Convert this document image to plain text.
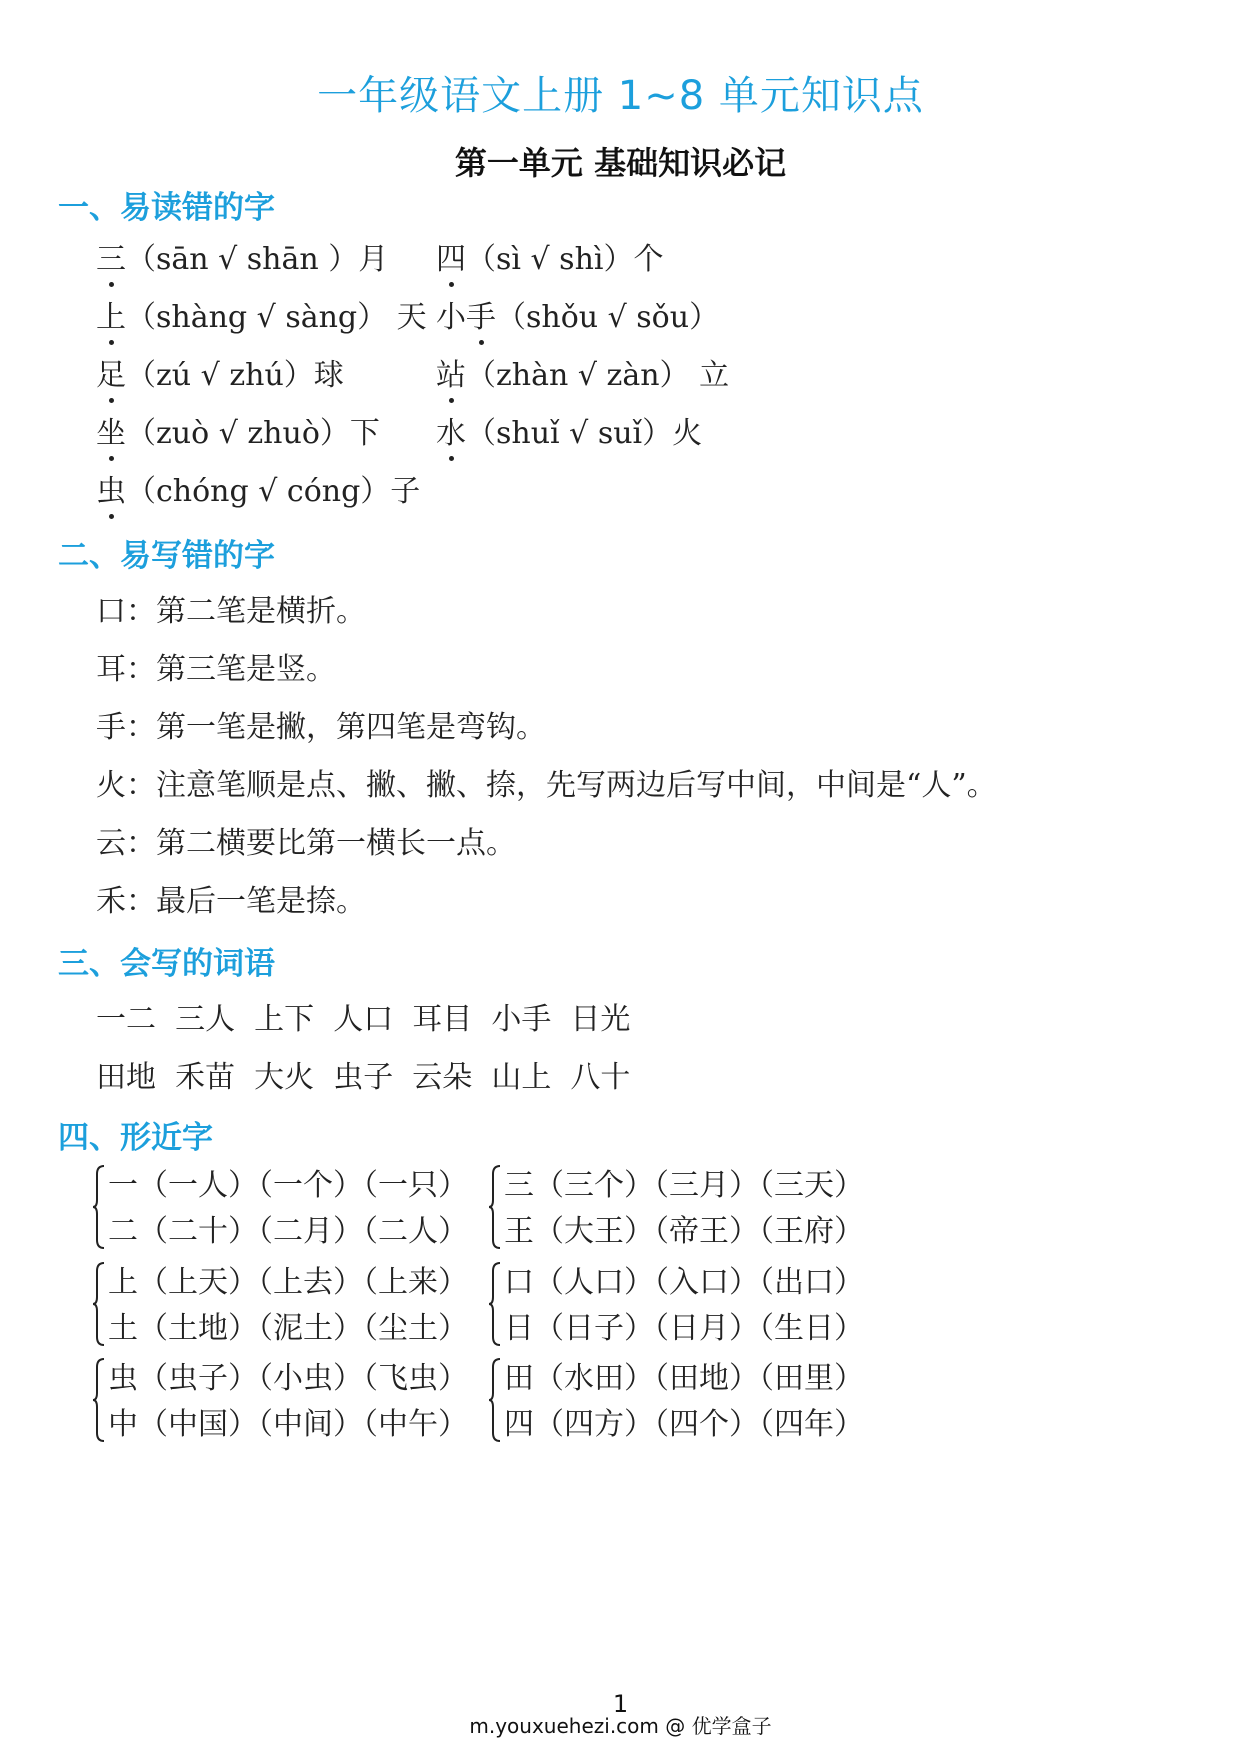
一年级语文上册 1~8 单元知识点
第一单元 基础知识必记
一、易读错的字
三（sān √ shān ）月 四（sì √ shì）个
上（shàng √ sàng） 天 小手（shǒu √ sǒu）
足（zú √ zhú）球	站（zhàn √ zàn） 立
坐（zuò √ zhuò）下 水（shuǐ √ suǐ）火
虫（chóng √ cóng）子
二、易写错的字
口：第二笔是横折。
耳：第三笔是竖。
手：第一笔是撇，第四笔是弯钩。
火：注意笔顺是点、撇、撇、捺，先写两边后写中间，中间是“人”。
云：第二横要比第一横长一点。
禾：最后一笔是捺。
三、会写的词语
一二  三人  上下  人口  耳目  小手  日光
田地  禾苗  大火  虫子  云朵  山上  八十
四、形近字
一（一人）（一个）（一只）
二（二十）（二月）（二人）
三（三个）（三月）（三天）
王（大王）（帝王）（王府）
上（上天）（上去）（上来）
土（土地）（泥土）（尘土）
口（人口）（入口）（出口）
日（日子）（日月）（生日）
虫（虫子）（小虫）（飞虫）
中（中国）（中间）（中午）
田（水田）（田地）（田里）
四（四方）（四个）（四年）
1
m.youxuehezi.com @ 优学盒子
